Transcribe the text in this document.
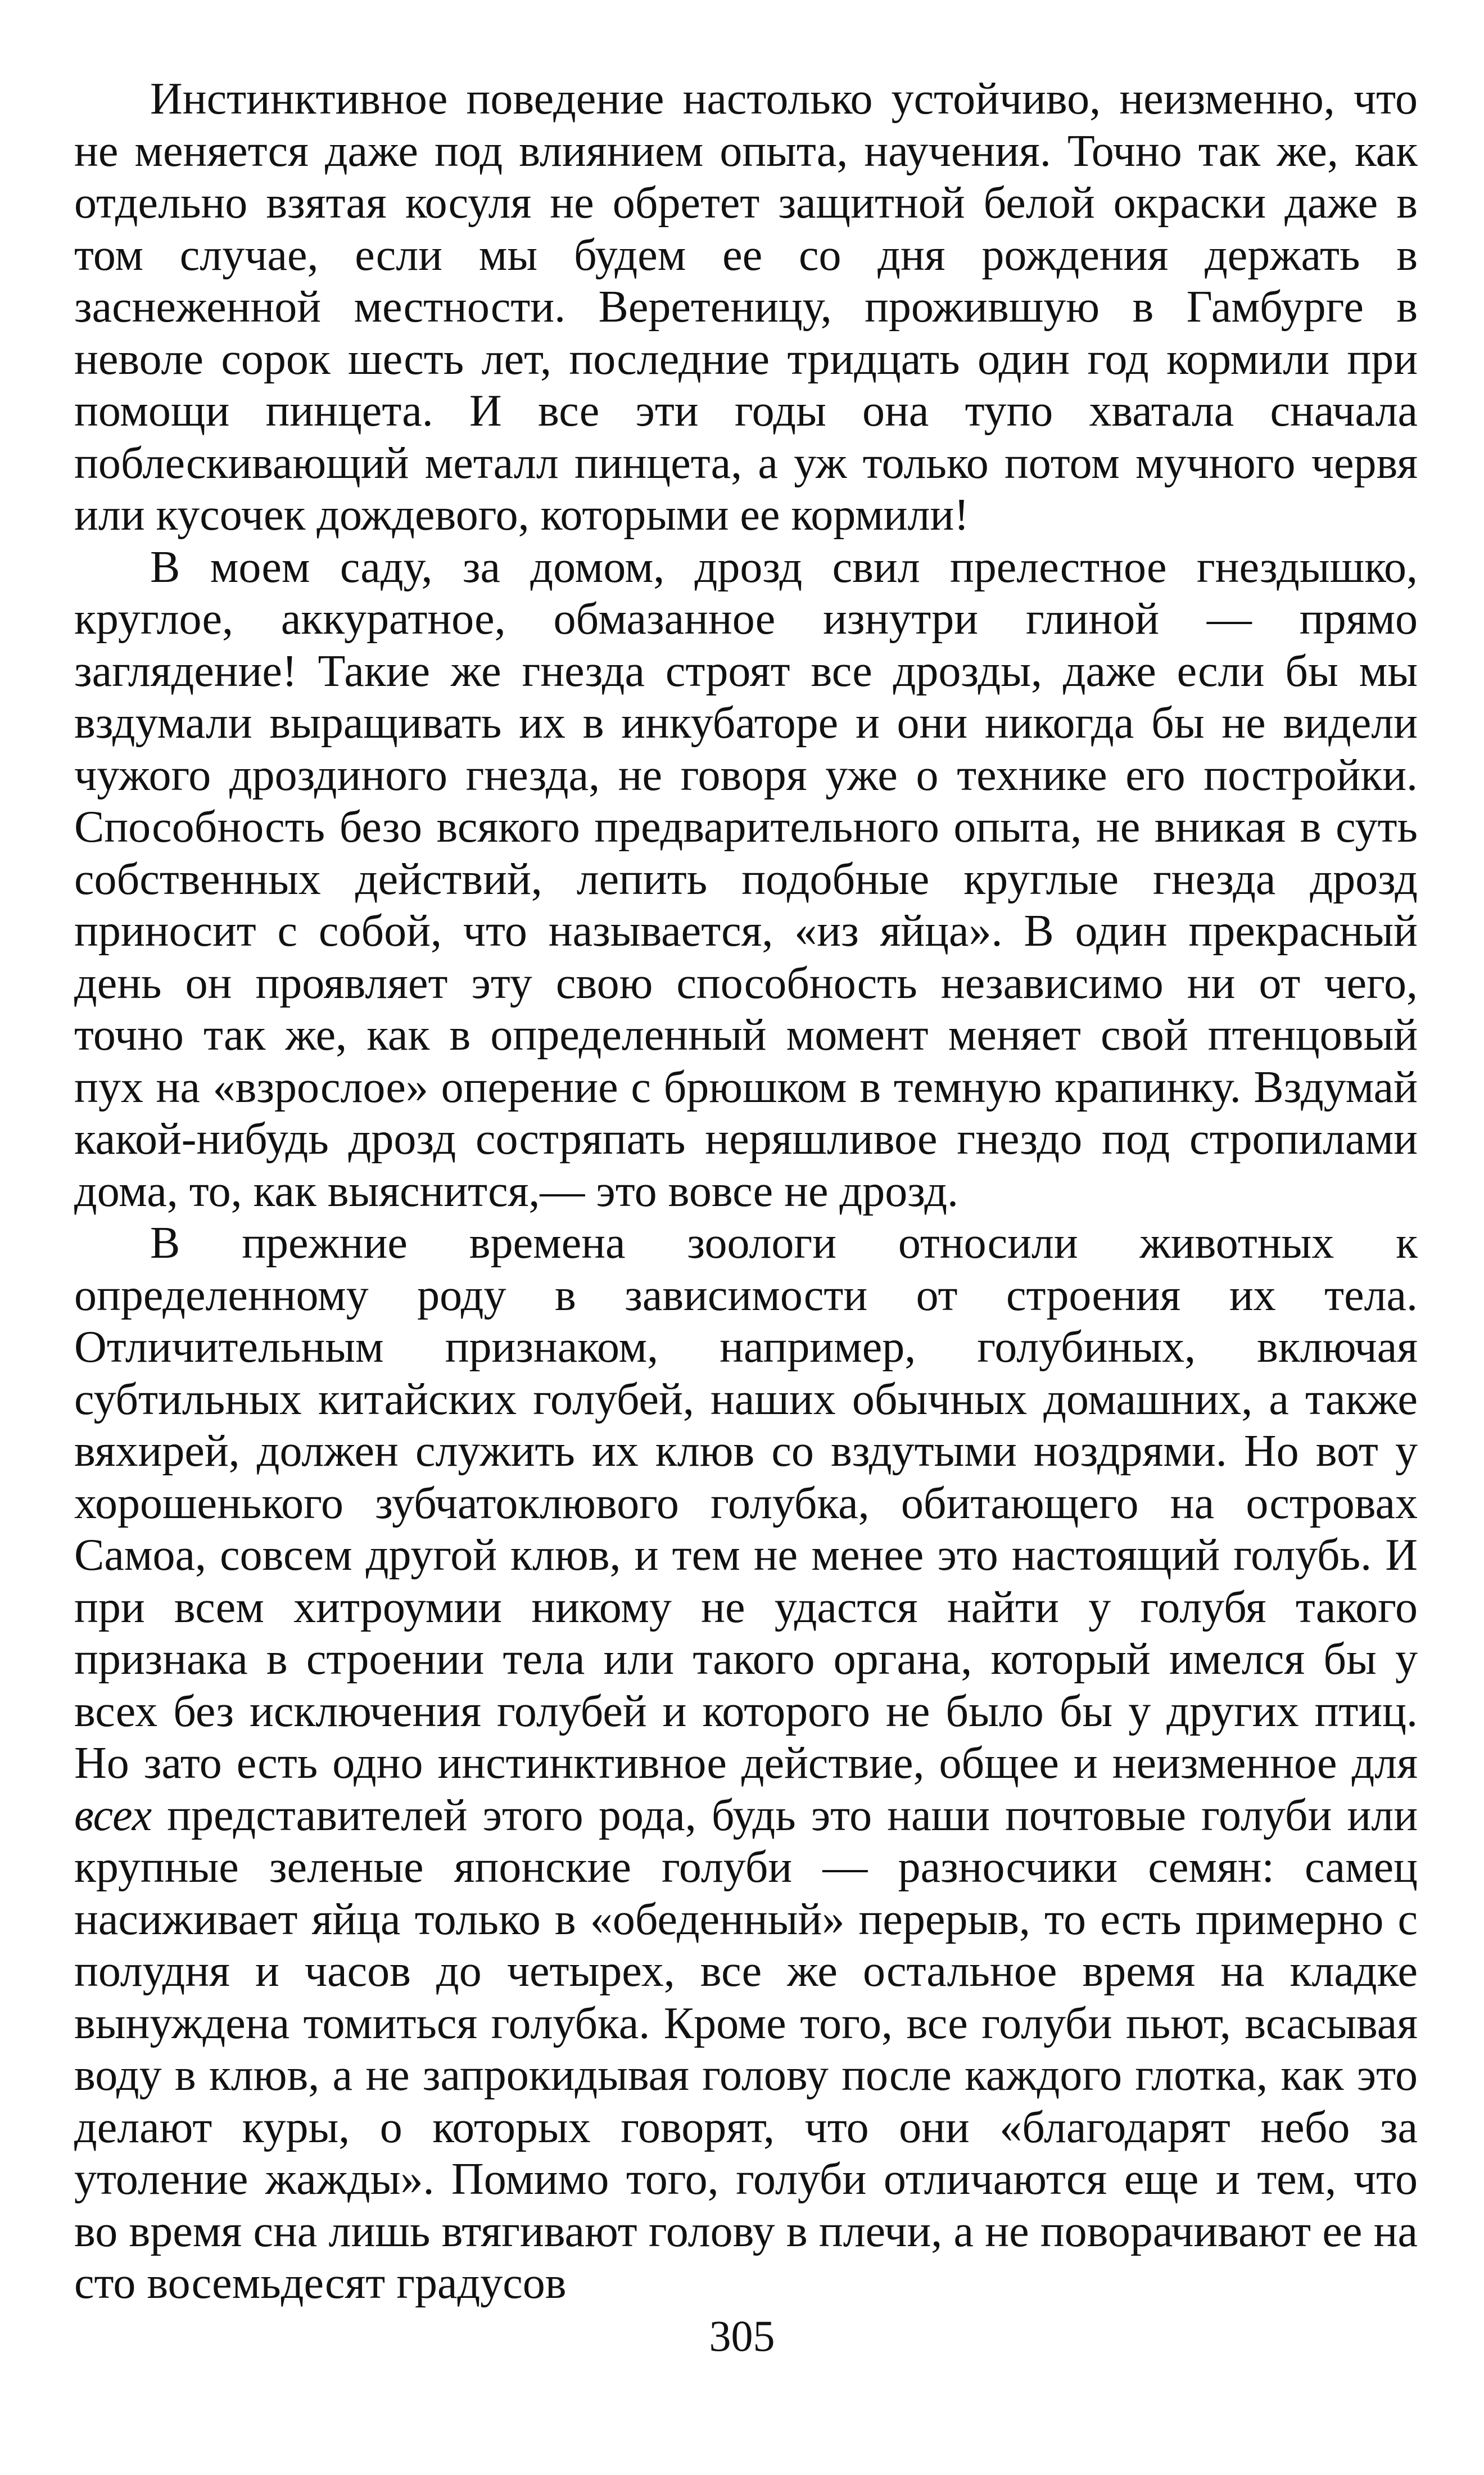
Инстинктивное поведение настолько устойчиво, неизменно, что не меняется даже под влиянием опыта, научения. Точно так же, как отдельно взятая косуля не обретет защитной белой окраски даже в том случае, если мы будем ее со дня рождения держать в заснеженной местности. Веретеницу, прожившую в Гамбурге в неволе сорок шесть лет, последние тридцать один год кормили при помощи пинцета. И все эти годы она тупо хватала сначала поблескивающий металл пинцета, а уж только потом мучного червя или кусочек дождевого, которыми ее кормили!

В моем саду, за домом, дрозд свил прелестное гнездышко, круглое, аккуратное, обмазанное изнутри глиной — прямо заглядение! Такие же гнезда строят все дрозды, даже если бы мы вздумали выращивать их в инкубаторе и они никогда бы не видели чужого дроздиного гнезда, не говоря уже о технике его постройки. Способность безо всякого предварительного опыта, не вникая в суть собственных действий, лепить подобные круглые гнезда дрозд приносит с собой, что называется, «из яйца». В один прекрасный день он проявляет эту свою способность независимо ни от чего, точно так же, как в определенный момент меняет свой птенцовый пух на «взрослое» оперение с брюшком в темную крапинку. Вздумай какой-нибудь дрозд состряпать неряшливое гнездо под стропилами дома, то, как выяснится,— это вовсе не дрозд.

В прежние времена зоологи относили животных к определенному роду в зависимости от строения их тела. Отличительным признаком, например, голубиных, включая субтильных китайских голубей, наших обычных домашних, а также вяхирей, должен служить их клюв со вздутыми ноздрями. Но вот у хорошенького зубчатоклювого голубка, обитающего на островах Самоа, совсем другой клюв, и тем не менее это настоящий голубь. И при всем хитроумии никому не удастся найти у голубя такого признака в строении тела или такого органа, который имелся бы у всех без исключения голубей и которого не было бы у других птиц. Но зато есть одно инстинктивное действие, общее и неизменное для всех представителей этого рода, будь это наши почтовые голуби или крупные зеленые японские голуби — разносчики семян: самец насиживает яйца только в «обеденный» перерыв, то есть примерно с полудня и часов до четырех, все же остальное время на кладке вынуждена томиться голубка. Кроме того, все голуби пьют, всасывая воду в клюв, а не запрокидывая голову после каждого глотка, как это делают куры, о которых говорят, что они «благодарят небо за утоление жажды». Помимо того, голуби отличаются еще и тем, что во время сна лишь втягивают голову в плечи, а не поворачивают ее на сто восемьдесят градусов

305
